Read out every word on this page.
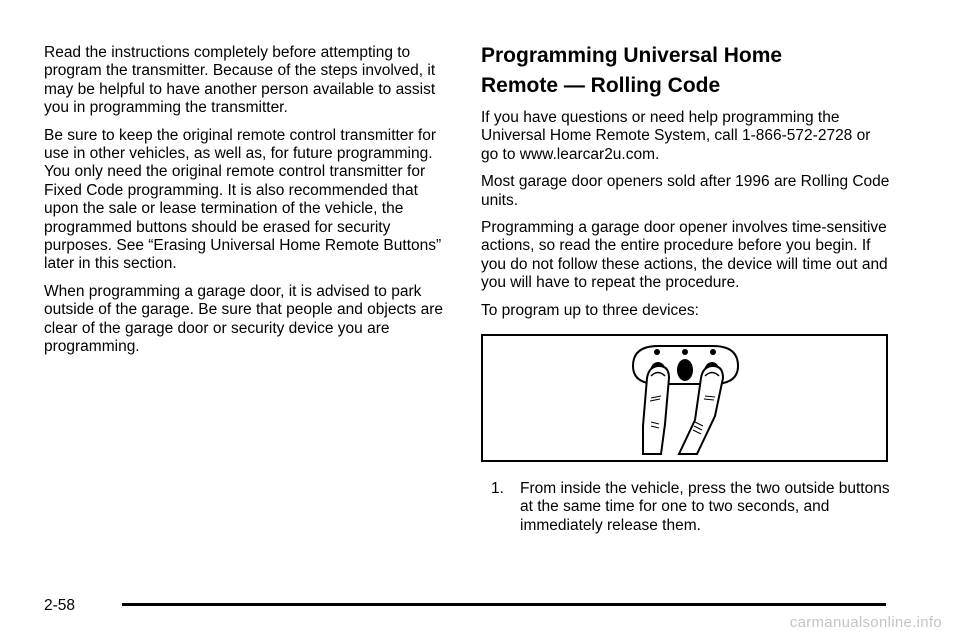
Read the instructions completely before attempting to program the transmitter. Because of the steps involved, it may be helpful to have another person available to assist you in programming the transmitter.

Be sure to keep the original remote control transmitter for use in other vehicles, as well as, for future programming. You only need the original remote control transmitter for Fixed Code programming. It is also recommended that upon the sale or lease termination of the vehicle, the programmed buttons should be erased for security purposes. See “Erasing Universal Home Remote Buttons” later in this section.

When programming a garage door, it is advised to park outside of the garage. Be sure that people and objects are clear of the garage door or security device you are programming.

Programming Universal Home
Remote — Rolling Code

If you have questions or need help programming the Universal Home Remote System, call 1-866-572-2728 or go to www.learcar2u.com.

Most garage door openers sold after 1996 are Rolling Code units.

Programming a garage door opener involves time-sensitive actions, so read the entire procedure before you begin. If you do not follow these actions, the device will time out and you will have to repeat the procedure.

To program up to three devices:

1. From inside the vehicle, press the two outside buttons at the same time for one to two seconds, and immediately release them.
2-58
carmanualsonline.info
